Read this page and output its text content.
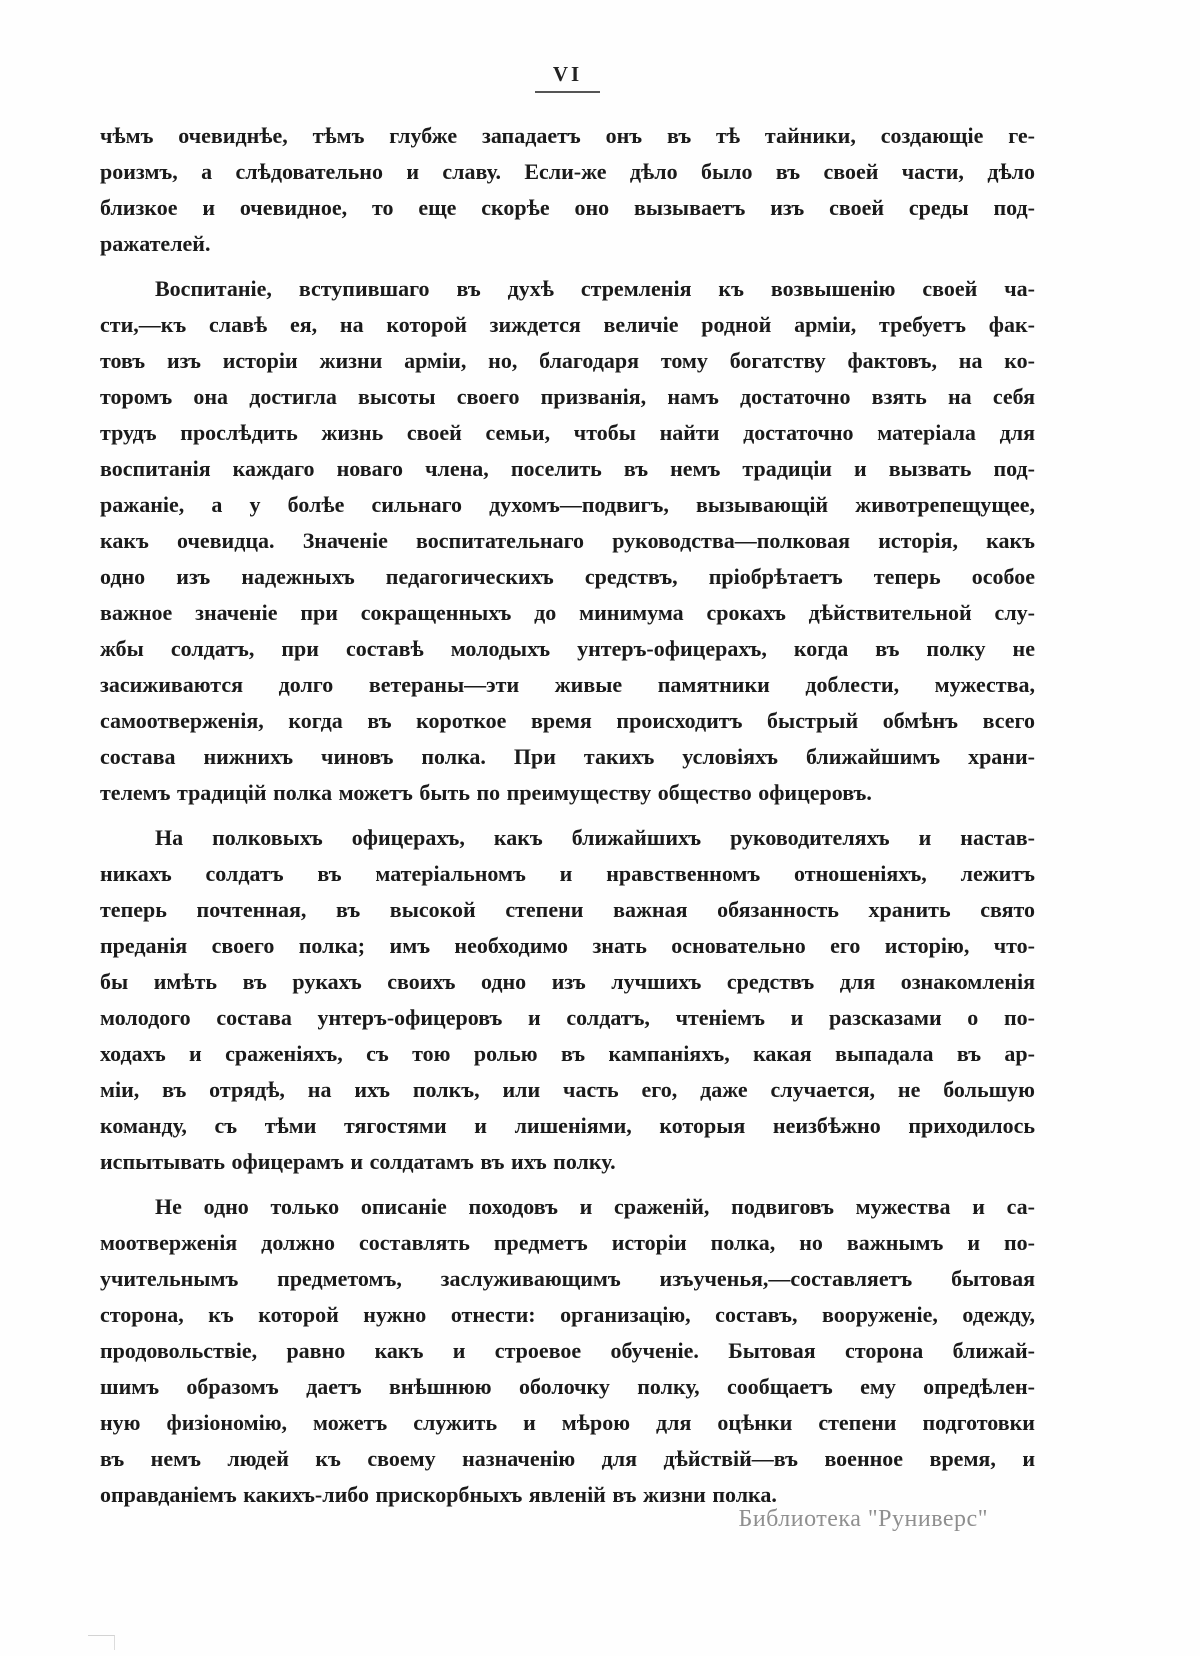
VI
чѣмъ очевиднѣе, тѣмъ глубже западаетъ онъ въ тѣ тайники, создающіе ге-
роизмъ, а слѣдовательно и славу. Если-же дѣло было въ своей части, дѣло
близкое и очевидное, то еще скорѣе оно вызываетъ изъ своей среды под-
ражателей.
Воспитаніе, вступившаго въ духѣ стремленія къ возвышенію своей ча-
сти,—къ славѣ ея, на которой зиждется величіе родной арміи, требуетъ фак-
товъ изъ исторіи жизни арміи, но, благодаря тому богатству фактовъ, на ко-
торомъ она достигла высоты своего призванія, намъ достаточно взять на себя
трудъ прослѣдить жизнь своей семьи, чтобы найти достаточно матеріала для
воспитанія каждаго новаго члена, поселить въ немъ традиціи и вызвать под-
ражаніе, а у болѣе сильнаго духомъ—подвигъ, вызывающій животрепещущее,
какъ очевидца. Значеніе воспитательнаго руководства—полковая исторія, какъ
одно изъ надежныхъ педагогическихъ средствъ, пріобрѣтаетъ теперь особое
важное значеніе при сокращенныхъ до минимума срокахъ дѣйствительной слу-
жбы солдатъ, при составѣ молодыхъ унтеръ-офицерахъ, когда въ полку не
засиживаются долго ветераны—эти живые памятники доблести, мужества,
самоотверженія, когда въ короткое время происходитъ быстрый обмѣнъ всего
состава нижнихъ чиновъ полка. При такихъ условіяхъ ближайшимъ храни-
телемъ традицій полка можетъ быть по преимуществу общество офицеровъ.
На полковыхъ офицерахъ, какъ ближайшихъ руководителяхъ и настав-
никахъ солдатъ въ матеріальномъ и нравственномъ отношеніяхъ, лежитъ
теперь почтенная, въ высокой степени важная обязанность хранить свято
преданія своего полка; имъ необходимо знать основательно его исторію, что-
бы имѣть въ рукахъ своихъ одно изъ лучшихъ средствъ для ознакомленія
молодого состава унтеръ-офицеровъ и солдатъ, чтеніемъ и разсказами о по-
ходахъ и сраженіяхъ, съ тою ролью въ кампаніяхъ, какая выпадала въ ар-
міи, въ отрядѣ, на ихъ полкъ, или часть его, даже случается, не большую
команду, съ тѣми тягостями и лишеніями, которыя неизбѣжно приходилось
испытывать офицерамъ и солдатамъ въ ихъ полку.
Не одно только описаніе походовъ и сраженій, подвиговъ мужества и са-
моотверженія должно составлять предметъ исторіи полка, но важнымъ и по-
учительнымъ предметомъ, заслуживающимъ изъученья,—составляетъ бытовая
сторона, къ которой нужно отнести: организацію, составъ, вооруженіе, одежду,
продовольствіе, равно какъ и строевое обученіе. Бытовая сторона ближай-
шимъ образомъ даетъ внѣшнюю оболочку полку, сообщаетъ ему опредѣлен-
ную физіономію, можетъ служить и мѣрою для оцѣнки степени подготовки
въ немъ людей къ своему назначенію для дѣйствій—въ военное время, и
оправданіемъ какихъ-либо прискорбныхъ явленій въ жизни полка.
Библиотека "Руниверс"
